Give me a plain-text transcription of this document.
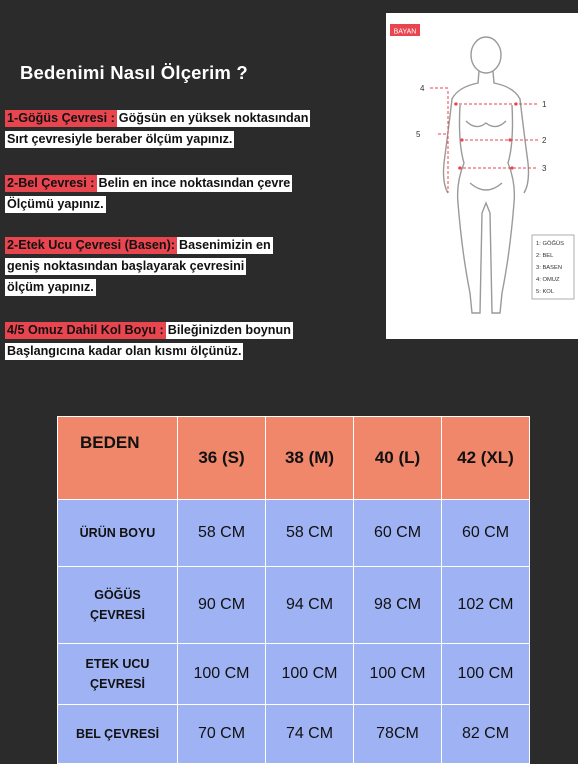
Bedenimi Nasıl Ölçerim ?
1-Göğüs Çevresi :Göğsün en yüksek noktasından
Sırt çevresiyle beraber ölçüm yapınız.
2-Bel Çevresi :Belin en ince noktasından çevre
Ölçümü yapınız.
2-Etek Ucu Çevresi (Basen):Basenimizin en
geniş noktasından başlayarak çevresini
ölçüm yapınız.
4/5 Omuz Dahil Kol Boyu :Bileğinizden boynun
Başlangıcına kadar olan kısmı ölçünüz.
BAYAN
1
2
3
4
5
1: GÖĞÜS
2: BEL
3: BASEN
4: OMUZ
5: KOL
BEDEN	36 (S)	38 (M)	40 (L)	42 (XL)
ÜRÜN BOYU	58 CM	58 CM	60 CM	60 CM
GÖĞÜS
ÇEVRESİ	90 CM	94 CM	98 CM	102 CM
ETEK UCU
ÇEVRESİ	100 CM	100 CM	100 CM	100 CM
BEL ÇEVRESİ	70 CM	74 CM	78CM	82 CM
